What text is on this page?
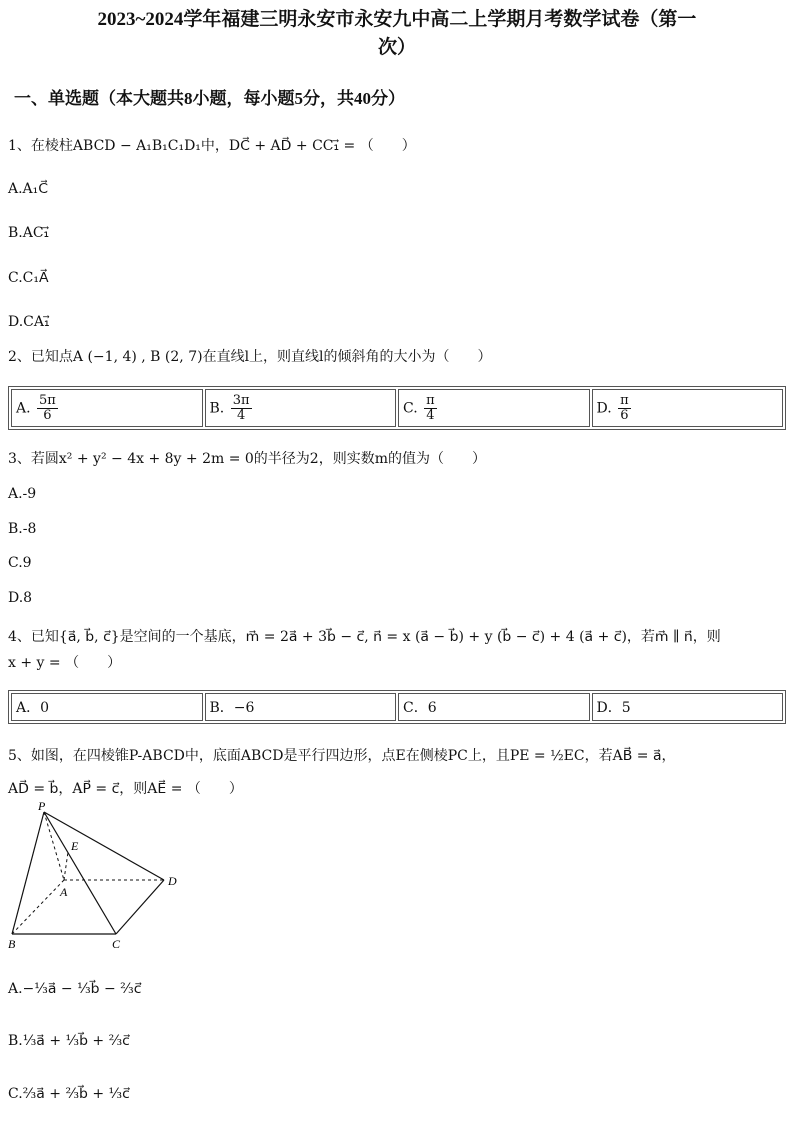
2023~2024学年福建三明永安市永安九中高二上学期月考数学试卷（第一
次）
一、单选题（本大题共8小题，每小题5分，共40分）
1、在棱柱ABCD − A₁B₁C₁D₁中，DC⃗ + AD⃗ + CC₁⃗ = （　　）
A.A₁C⃗
B.AC₁⃗
C.C₁A⃗
D.CA₁⃗
2、已知点A (−1, 4) , B (2, 7)在直线l上，则直线l的倾斜角的大小为（　　）
A. $\frac{5\pi}{6}$	B. $\frac{3\pi}{4}$	C. $\frac{\pi}{4}$	D. $\frac{\pi}{6}$
3、若圆x² + y² − 4x + 8y + 2m = 0的半径为2，则实数m的值为（　　）
A.-9
B.-8
C.9
D.8
4、已知{a⃗, b⃗, c⃗}是空间的一个基底，m⃗ = 2a⃗ + 3b⃗ − c⃗, n⃗ = x (a⃗ − b⃗) + y (b⃗ − c⃗) + 4 (a⃗ + c⃗)，若m⃗ ∥ n⃗，则
x + y = （　　）
A．0	B．−6	C．6	D．5
5、如图，在四棱锥P-ABCD中，底面ABCD是平行四边形，点E在侧棱PC上，且PE = ½EC，若AB⃗ = a⃗，
AD⃗ = b⃗，AP⃗ = c⃗，则AE⃗ = （　　）
P
E
A
D
B	C
A.−⅓a⃗ − ⅓b⃗ − ⅔c⃗
B.⅓a⃗ + ⅓b⃗ + ⅔c⃗
C.⅔a⃗ + ⅔b⃗ + ⅓c⃗
